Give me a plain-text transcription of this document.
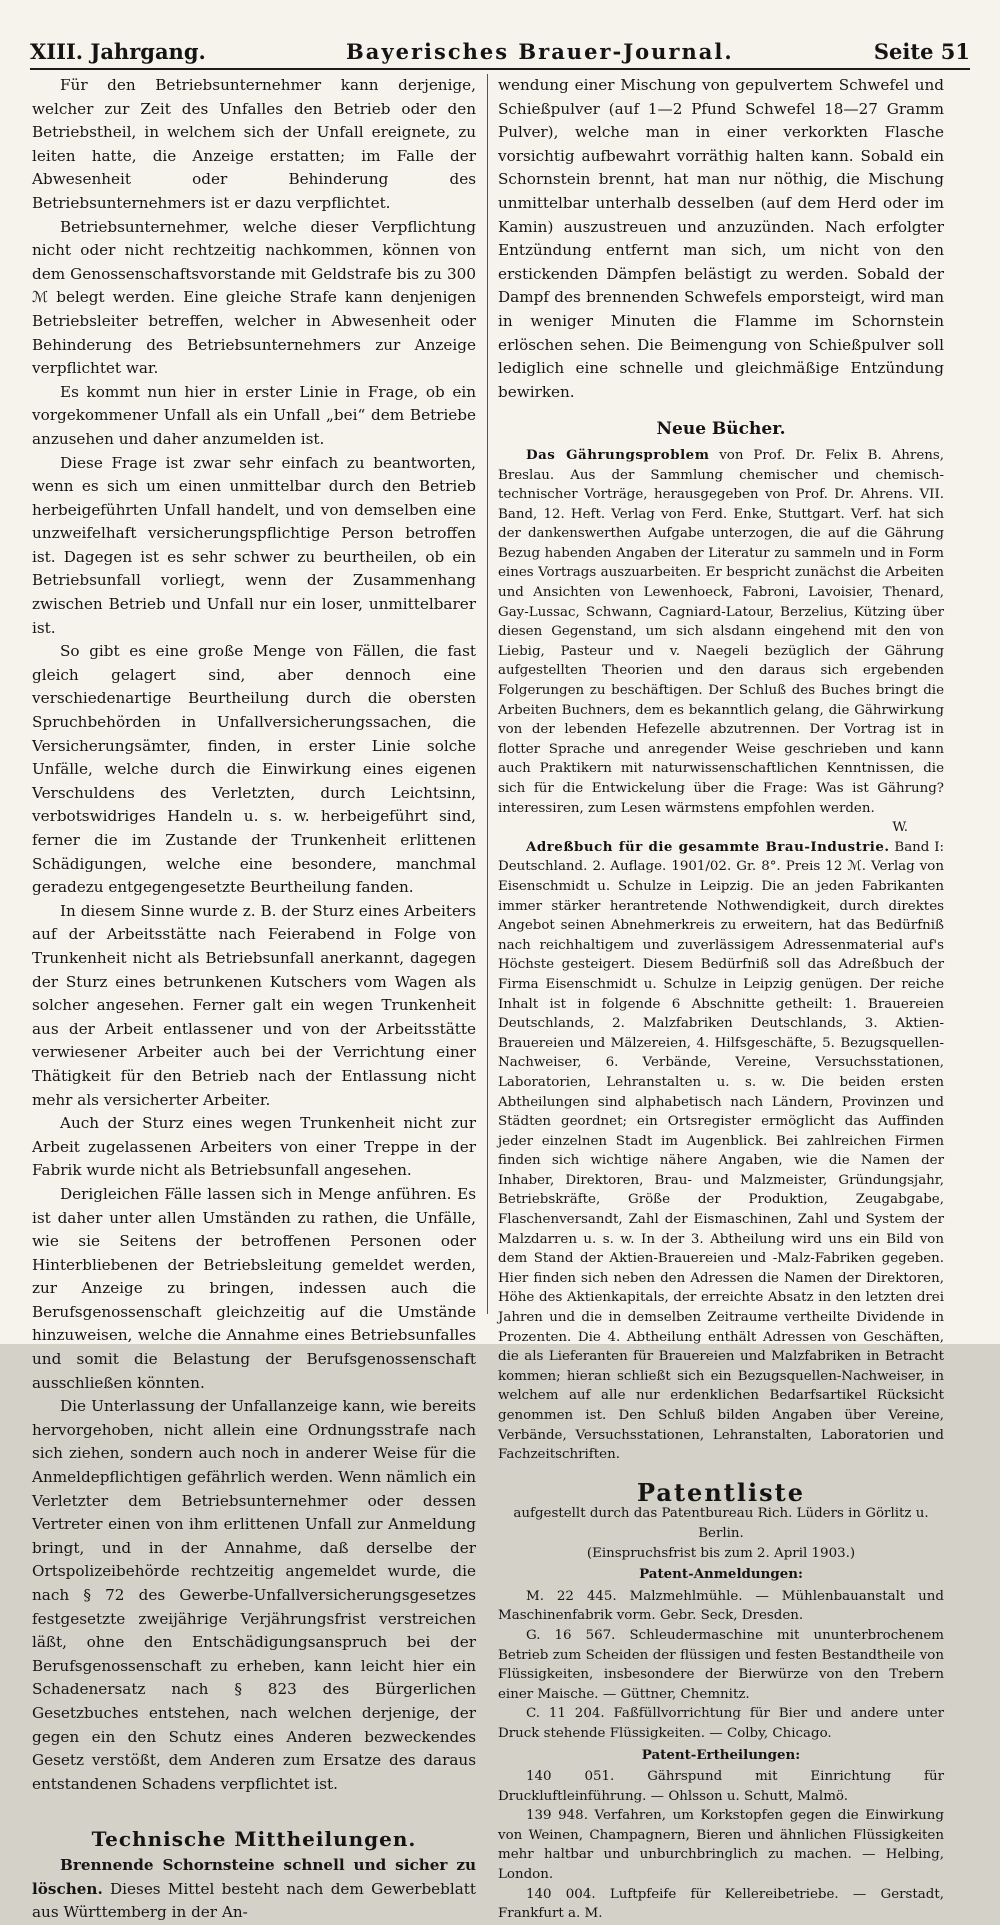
XIII. Jahrgang.	Bayerisches Brauer-Journal.	Seite 51

Für den Betriebsunternehmer kann derjenige, welcher zur Zeit des Unfalles den Betrieb oder den Betriebstheil, in welchem sich der Unfall ereignete, zu leiten hatte, die Anzeige erstatten; im Falle der Abwesenheit oder Behinderung des Betriebsunternehmers ist er dazu verpflichtet.

Betriebsunternehmer, welche dieser Verpflichtung nicht oder nicht rechtzeitig nachkommen, können von dem Genossenschaftsvorstande mit Geldstrafe bis zu 300 ℳ belegt werden. Eine gleiche Strafe kann denjenigen Betriebsleiter betreffen, welcher in Abwesenheit oder Behinderung des Betriebsunternehmers zur Anzeige verpflichtet war.

Es kommt nun hier in erster Linie in Frage, ob ein vorgekommener Unfall als ein Unfall „bei“ dem Betriebe anzusehen und daher anzumelden ist.

Diese Frage ist zwar sehr einfach zu beantworten, wenn es sich um einen unmittelbar durch den Betrieb herbeigeführten Unfall handelt, und von demselben eine unzweifelhaft versicherungspflichtige Person betroffen ist. Dagegen ist es sehr schwer zu beurtheilen, ob ein Betriebsunfall vorliegt, wenn der Zusammenhang zwischen Betrieb und Unfall nur ein loser, unmittelbarer ist.

So gibt es eine große Menge von Fällen, die fast gleich gelagert sind, aber dennoch eine verschiedenartige Beurtheilung durch die obersten Spruchbehörden in Unfallversicherungssachen, die Versicherungsämter, finden, in erster Linie solche Unfälle, welche durch die Einwirkung eines eigenen Verschuldens des Verletzten, durch Leichtsinn, verbotswidriges Handeln u. s. w. herbeigeführt sind, ferner die im Zustande der Trunkenheit erlittenen Schädigungen, welche eine besondere, manchmal geradezu entgegengesetzte Beurtheilung fanden.

In diesem Sinne wurde z. B. der Sturz eines Arbeiters auf der Arbeitsstätte nach Feierabend in Folge von Trunkenheit nicht als Betriebsunfall anerkannt, dagegen der Sturz eines betrunkenen Kutschers vom Wagen als solcher angesehen. Ferner galt ein wegen Trunkenheit aus der Arbeit entlassener und von der Arbeitsstätte verwiesener Arbeiter auch bei der Verrichtung einer Thätigkeit für den Betrieb nach der Entlassung nicht mehr als versicherter Arbeiter.

Auch der Sturz eines wegen Trunkenheit nicht zur Arbeit zugelassenen Arbeiters von einer Treppe in der Fabrik wurde nicht als Betriebsunfall angesehen.

Derigleichen Fälle lassen sich in Menge anführen. Es ist daher unter allen Umständen zu rathen, die Unfälle, wie sie Seitens der betroffenen Personen oder Hinterbliebenen der Betriebsleitung gemeldet werden, zur Anzeige zu bringen, indessen auch die Berufsgenossenschaft gleichzeitig auf die Umstände hinzuweisen, welche die Annahme eines Betriebsunfalles und somit die Belastung der Berufsgenossenschaft ausschließen könnten.

Die Unterlassung der Unfallanzeige kann, wie bereits hervorgehoben, nicht allein eine Ordnungsstrafe nach sich ziehen, sondern auch noch in anderer Weise für die Anmeldepflichtigen gefährlich werden. Wenn nämlich ein Verletzter dem Betriebsunternehmer oder dessen Vertreter einen von ihm erlittenen Unfall zur Anmeldung bringt, und in der Annahme, daß derselbe der Ortspolizeibehörde rechtzeitig angemeldet wurde, die nach § 72 des Gewerbe-Unfallversicherungsgesetzes festgesetzte zweijährige Verjährungsfrist verstreichen läßt, ohne den Entschädigungsanspruch bei der Berufsgenossenschaft zu erheben, kann leicht hier ein Schadenersatz nach § 823 des Bürgerlichen Gesetzbuches entstehen, nach welchen derjenige, der gegen ein den Schutz eines Anderen bezweckendes Gesetz verstößt, dem Anderen zum Ersatze des daraus entstandenen Schadens verpflichtet ist.

Technische Mittheilungen.

Brennende Schornsteine schnell und sicher zu löschen. Dieses Mittel besteht nach dem Gewerbeblatt aus Württemberg in der An-

wendung einer Mischung von gepulvertem Schwefel und Schießpulver (auf 1—2 Pfund Schwefel 18—27 Gramm Pulver), welche man in einer verkorkten Flasche vorsichtig aufbewahrt vorräthig halten kann. Sobald ein Schornstein brennt, hat man nur nöthig, die Mischung unmittelbar unterhalb desselben (auf dem Herd oder im Kamin) auszustreuen und anzuzünden. Nach erfolgter Entzündung entfernt man sich, um nicht von den erstickenden Dämpfen belästigt zu werden. Sobald der Dampf des brennenden Schwefels emporsteigt, wird man in weniger Minuten die Flamme im Schornstein erlöschen sehen. Die Beimengung von Schießpulver soll lediglich eine schnelle und gleichmäßige Entzündung bewirken.

Neue Bücher.

Das Gährungsproblem von Prof. Dr. Felix B. Ahrens, Breslau. Aus der Sammlung chemischer und chemisch-technischer Vorträge, herausgegeben von Prof. Dr. Ahrens. VII. Band, 12. Heft. Verlag von Ferd. Enke, Stuttgart. Verf. hat sich der dankenswerthen Aufgabe unterzogen, die auf die Gährung Bezug habenden Angaben der Literatur zu sammeln und in Form eines Vortrags auszuarbeiten. Er bespricht zunächst die Arbeiten und Ansichten von Lewenhoeck, Fabroni, Lavoisier, Thenard, Gay-Lussac, Schwann, Cagniard-Latour, Berzelius, Kützing über diesen Gegenstand, um sich alsdann eingehend mit den von Liebig, Pasteur und v. Naegeli bezüglich der Gährung aufgestellten Theorien und den daraus sich ergebenden Folgerungen zu beschäftigen. Der Schluß des Buches bringt die Arbeiten Buchners, dem es bekanntlich gelang, die Gährwirkung von der lebenden Hefezelle abzutrennen. Der Vortrag ist in flotter Sprache und anregender Weise geschrieben und kann auch Praktikern mit naturwissenschaftlichen Kenntnissen, die sich für die Entwickelung über die Frage: Was ist Gährung? interessiren, zum Lesen wärmstens empfohlen werden.

W.

Adreßbuch für die gesammte Brau-Industrie. Band I: Deutschland. 2. Auflage. 1901/02. Gr. 8°. Preis 12 ℳ. Verlag von Eisenschmidt u. Schulze in Leipzig. Die an jeden Fabrikanten immer stärker herantretende Nothwendigkeit, durch direktes Angebot seinen Abnehmerkreis zu erweitern, hat das Bedürfniß nach reichhaltigem und zuverlässigem Adressenmaterial auf's Höchste gesteigert. Diesem Bedürfniß soll das Adreßbuch der Firma Eisenschmidt u. Schulze in Leipzig genügen. Der reiche Inhalt ist in folgende 6 Abschnitte getheilt: 1. Brauereien Deutschlands, 2. Malzfabriken Deutschlands, 3. Aktien-Brauereien und Mälzereien, 4. Hilfsgeschäfte, 5. Bezugsquellen-Nachweiser, 6. Verbände, Vereine, Versuchsstationen, Laboratorien, Lehranstalten u. s. w. Die beiden ersten Abtheilungen sind alphabetisch nach Ländern, Provinzen und Städten geordnet; ein Ortsregister ermöglicht das Auffinden jeder einzelnen Stadt im Augenblick. Bei zahlreichen Firmen finden sich wichtige nähere Angaben, wie die Namen der Inhaber, Direktoren, Brau- und Malzmeister, Gründungsjahr, Betriebskräfte, Größe der Produktion, Zeugabgabe, Flaschenversandt, Zahl der Eismaschinen, Zahl und System der Malzdarren u. s. w. In der 3. Abtheilung wird uns ein Bild von dem Stand der Aktien-Brauereien und -Malz-Fabriken gegeben. Hier finden sich neben den Adressen die Namen der Direktoren, Höhe des Aktienkapitals, der erreichte Absatz in den letzten drei Jahren und die in demselben Zeitraume vertheilte Dividende in Prozenten. Die 4. Abtheilung enthält Adressen von Geschäften, die als Lieferanten für Brauereien und Malzfabriken in Betracht kommen; hieran schließt sich ein Bezugsquellen-Nachweiser, in welchem auf alle nur erdenklichen Bedarfsartikel Rücksicht genommen ist. Den Schluß bilden Angaben über Vereine, Verbände, Versuchsstationen, Lehranstalten, Laboratorien und Fachzeitschriften.

Patentliste
aufgestellt durch das Patentbureau Rich. Lüders in Görlitz u. Berlin.
(Einspruchsfrist bis zum 2. April 1903.)
Patent-Anmeldungen:

M. 22 445. Malzmehlmühle. — Mühlenbauanstalt und Maschinenfabrik vorm. Gebr. Seck, Dresden.

G. 16 567. Schleudermaschine mit ununterbrochenem Betrieb zum Scheiden der flüssigen und festen Bestandtheile von Flüssigkeiten, insbesondere der Bierwürze von den Trebern einer Maische. — Güttner, Chemnitz.

C. 11 204. Faßfüllvorrichtung für Bier und andere unter Druck stehende Flüssigkeiten. — Colby, Chicago.

Patent-Ertheilungen:

140 051. Gährspund mit Einrichtung für Druckluftleinführung. — Ohlsson u. Schutt, Malmö.

139 948. Verfahren, um Korkstopfen gegen die Einwirkung von Weinen, Champagnern, Bieren und ähnlichen Flüssigkeiten mehr haltbar und unburchbringlich zu machen. — Helbing, London.

140 004. Luftpfeife für Kellereibetriebe. — Gerstadt, Frankfurt a. M.
